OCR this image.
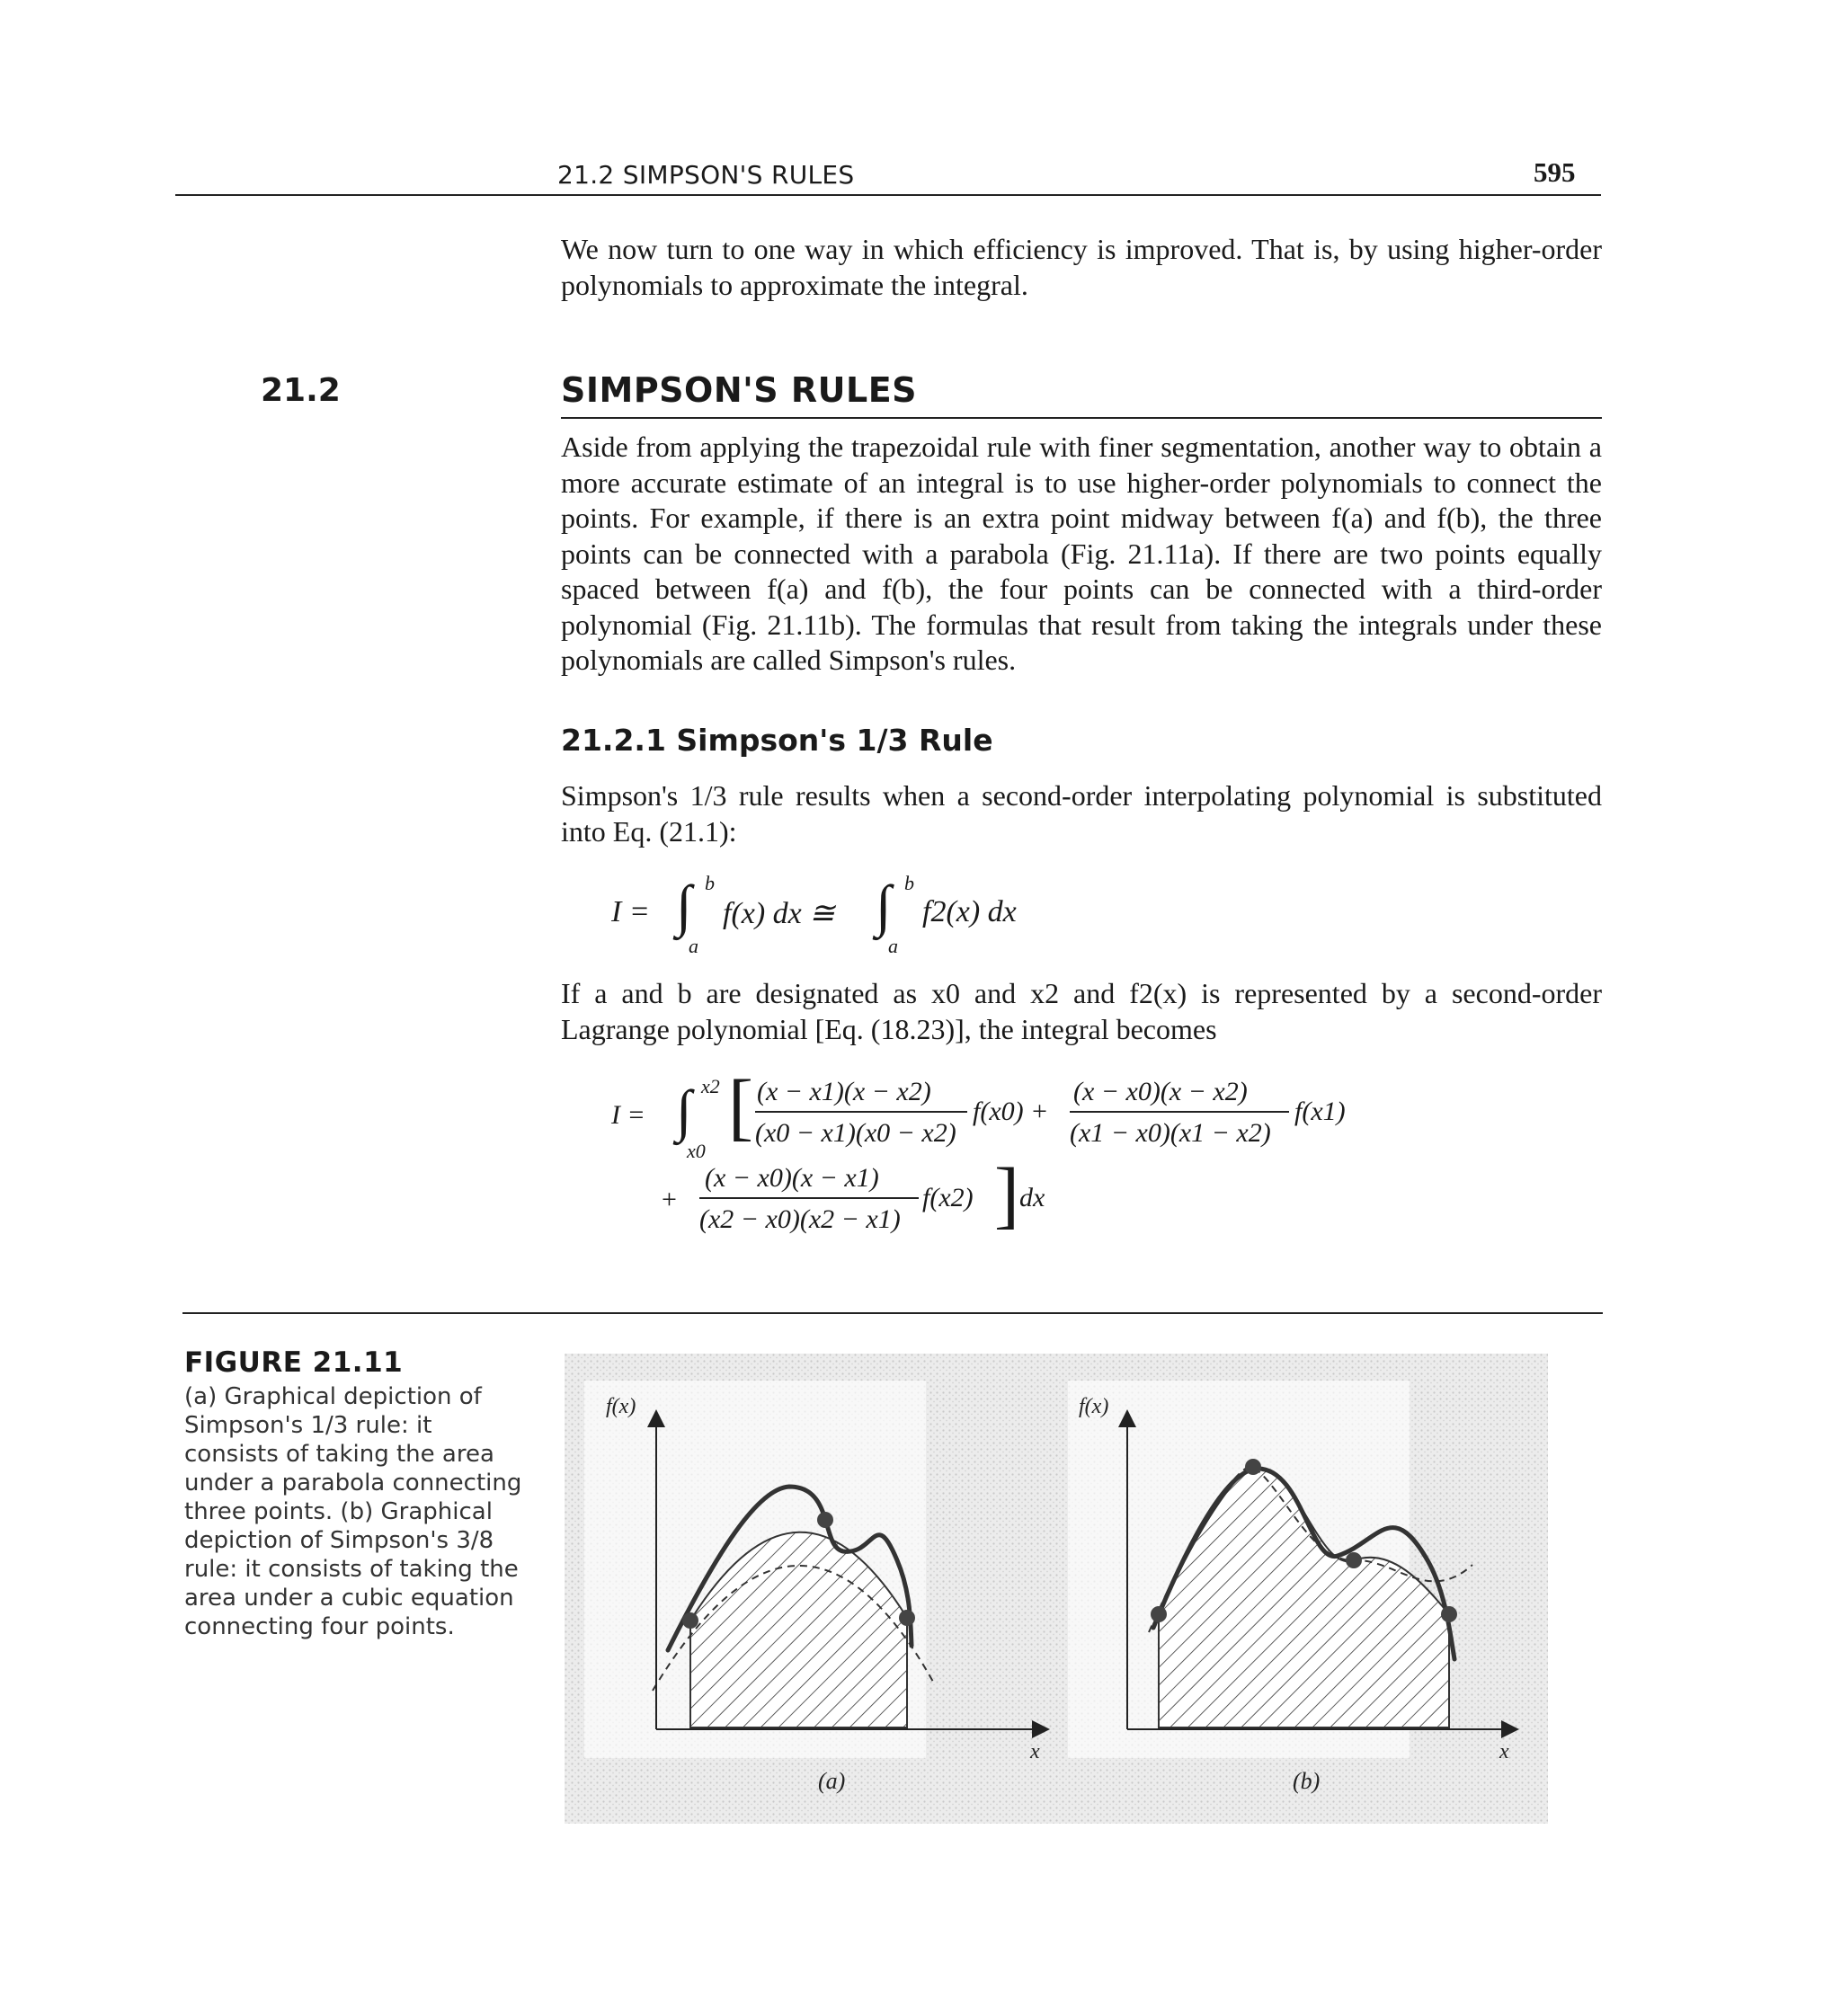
21.2 SIMPSON'S RULES	595
We now turn to one way in which efficiency is improved. That is, by using higher-order polynomials to approximate the integral.
21.2	SIMPSON'S RULES
Aside from applying the trapezoidal rule with finer segmentation, another way to obtain a more accurate estimate of an integral is to use higher-order polynomials to connect the points. For example, if there is an extra point midway between f(a) and f(b), the three points can be connected with a parabola (Fig. 21.11a). If there are two points equally spaced between f(a) and f(b), the four points can be connected with a third-order polynomial (Fig. 21.11b). The formulas that result from taking the integrals under these polynomials are called Simpson's rules.
21.2.1 Simpson's 1/3 Rule
Simpson's 1/3 rule results when a second-order interpolating polynomial is substituted into Eq. (21.1):
I = ∫ b
a
f(x) dx ≅ ∫ b
a
f2(x) dx
If a and b are designated as x0 and x2 and f2(x) is represented by a second-order Lagrange polynomial [Eq. (18.23)], the integral becomes
I = ∫ x2
x0
[ (x − x1)(x − x2)
(x0 − x1)(x0 − x2)
f(x0) +
(x − x0)(x − x2)
(x1 − x0)(x1 − x2)
f(x1)
+
(x − x0)(x − x1)
(x2 − x0)(x2 − x1)
f(x2) ] dx
FIGURE 21.11
(a) Graphical depiction of Simpson's 1/3 rule: it consists of taking the area under a parabola connecting three points. (b) Graphical depiction of Simpson's 3/8 rule: it consists of taking the area under a cubic equation connecting four points.
f(x)
x
(a)
f(x)
x
(b)
